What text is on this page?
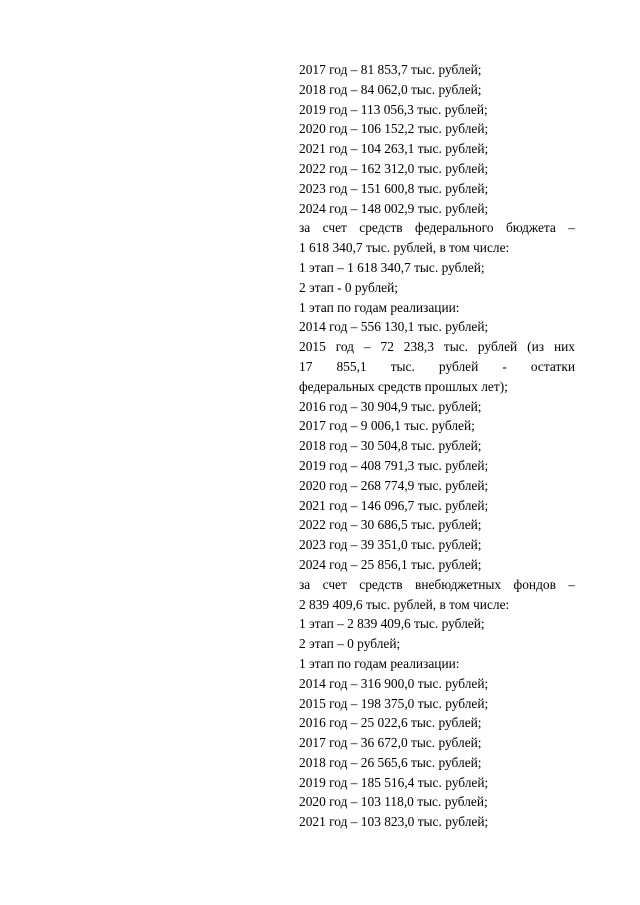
2017 год – 81 853,7 тыс. рублей;
2018 год – 84 062,0 тыс. рублей;
2019 год – 113 056,3 тыс. рублей;
2020 год – 106 152,2 тыс. рублей;
2021 год – 104 263,1 тыс. рублей;
2022 год – 162 312,0 тыс. рублей;
2023 год – 151 600,8 тыс. рублей;
2024 год – 148 002,9 тыс. рублей;
за счет средств федерального бюджета –
1 618 340,7 тыс. рублей, в том числе:
1 этап – 1 618 340,7 тыс. рублей;
2 этап - 0 рублей;
1 этап по годам реализации:
2014 год – 556 130,1 тыс. рублей;
2015 год – 72 238,3 тыс. рублей (из них
17 855,1 тыс. рублей - остатки
федеральных средств прошлых лет);
2016 год – 30 904,9 тыс. рублей;
2017 год – 9 006,1 тыс. рублей;
2018 год – 30 504,8 тыс. рублей;
2019 год – 408 791,3 тыс. рублей;
2020 год – 268 774,9 тыс. рублей;
2021 год – 146 096,7 тыс. рублей;
2022 год – 30 686,5 тыс. рублей;
2023 год – 39 351,0 тыс. рублей;
2024 год – 25 856,1 тыс. рублей;
за счет средств внебюджетных фондов –
2 839 409,6 тыс. рублей, в том числе:
1 этап – 2 839 409,6 тыс. рублей;
2 этап – 0 рублей;
1 этап по годам реализации:
2014 год – 316 900,0 тыс. рублей;
2015 год – 198 375,0 тыс. рублей;
2016 год – 25 022,6 тыс. рублей;
2017 год – 36 672,0 тыс. рублей;
2018 год – 26 565,6 тыс. рублей;
2019 год – 185 516,4 тыс. рублей;
2020 год – 103 118,0 тыс. рублей;
2021 год – 103 823,0 тыс. рублей;
